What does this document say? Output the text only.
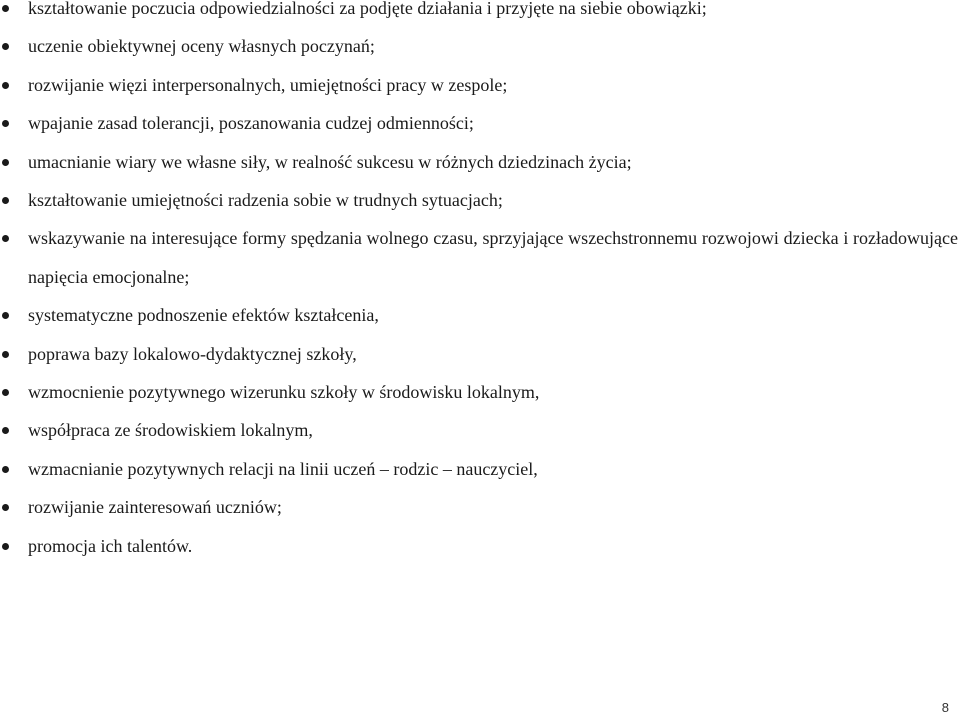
kształtowanie poczucia odpowiedzialności za podjęte działania i przyjęte na siebie obowiązki;
uczenie obiektywnej oceny własnych poczynań;
rozwijanie więzi interpersonalnych, umiejętności pracy w zespole;
wpajanie zasad tolerancji, poszanowania cudzej odmienności;
umacnianie wiary we własne siły, w realność sukcesu w różnych dziedzinach życia;
kształtowanie umiejętności radzenia sobie w trudnych sytuacjach;
wskazywanie na interesujące formy spędzania wolnego czasu, sprzyjające wszechstronnemu rozwojowi dziecka i rozładowujące napięcia emocjonalne;
systematyczne podnoszenie efektów kształcenia,
poprawa bazy lokalowo-dydaktycznej szkoły,
wzmocnienie pozytywnego wizerunku szkoły w środowisku lokalnym,
współpraca ze środowiskiem lokalnym,
wzmacnianie pozytywnych relacji na linii uczeń – rodzic – nauczyciel,
rozwijanie zainteresowań uczniów;
promocja ich talentów.
8
